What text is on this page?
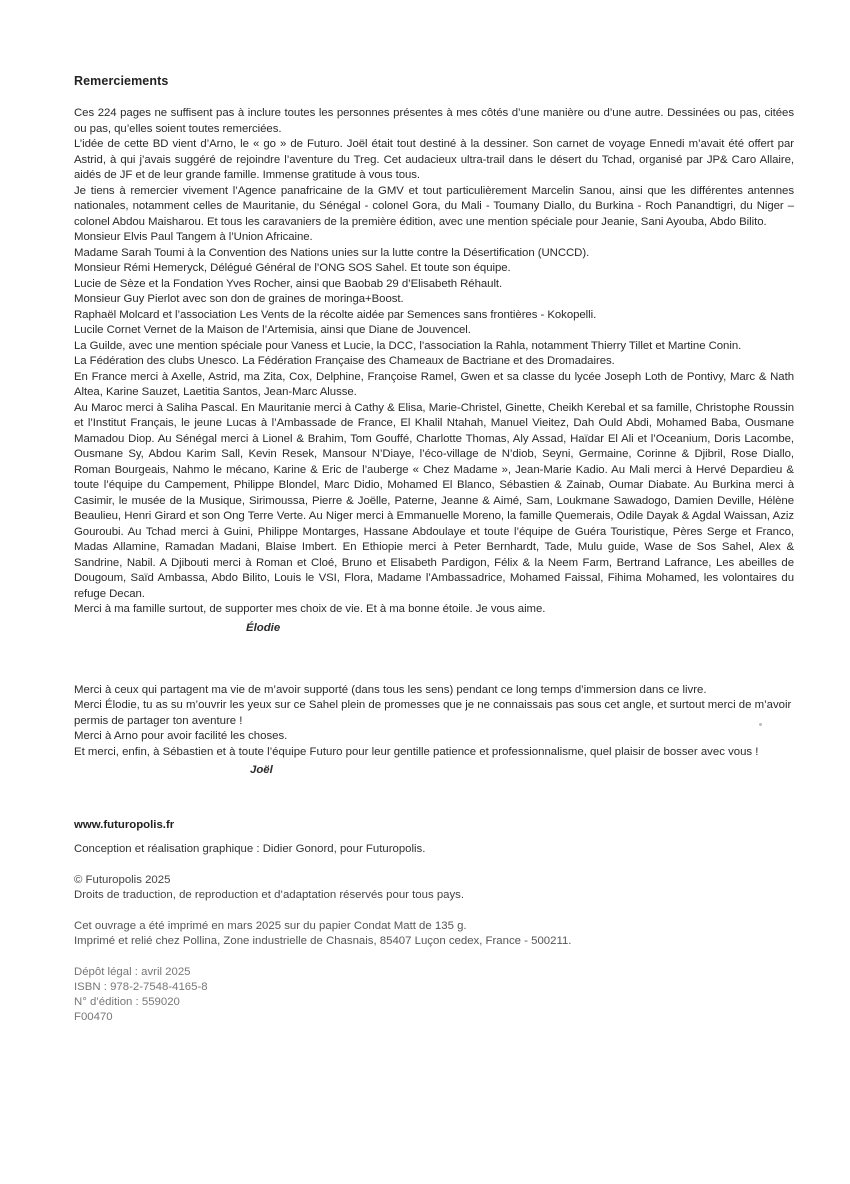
Remerciements

Ces 224 pages ne suffisent pas à inclure toutes les personnes présentes à mes côtés d’une manière ou d’une autre. Dessinées ou pas, citées ou pas, qu’elles soient toutes remerciées.

L’idée de cette BD vient d’Arno, le « go » de Futuro. Joël était tout destiné à la dessiner. Son carnet de voyage Ennedi m’avait été offert par Astrid, à qui j’avais suggéré de rejoindre l’aventure du Treg. Cet audacieux ultra-trail dans le désert du Tchad, organisé par JP& Caro Allaire, aidés de JF et de leur grande famille. Immense gratitude à vous tous.

Je tiens à remercier vivement l’Agence panafricaine de la GMV et tout particulièrement Marcelin Sanou, ainsi que les différentes antennes nationales, notamment celles de Mauritanie, du Sénégal - colonel Gora, du Mali - Toumany Diallo, du Burkina - Roch Panandtigri, du Niger – colonel Abdou Maisharou. Et tous les caravaniers de la première édition, avec une mention spéciale pour Jeanie, Sani Ayouba, Abdo Bilito.

Monsieur Elvis Paul Tangem à l’Union Africaine.

Madame Sarah Toumi à la Convention des Nations unies sur la lutte contre la Désertification (UNCCD).

Monsieur Rémi Hemeryck, Délégué Général de l’ONG SOS Sahel. Et toute son équipe.

Lucie de Sèze et la Fondation Yves Rocher, ainsi que Baobab 29 d’Elisabeth Réhault.

Monsieur Guy Pierlot avec son don de graines de moringa+Boost.

Raphaël Molcard et l’association Les Vents de la récolte aidée par Semences sans frontières - Kokopelli.

Lucile Cornet Vernet de la Maison de l’Artemisia, ainsi que Diane de Jouvencel.

La Guilde, avec une mention spéciale pour Vaness et Lucie, la DCC, l’association la Rahla, notamment Thierry Tillet et Martine Conin.

La Fédération des clubs Unesco. La Fédération Française des Chameaux de Bactriane et des Dromadaires.

En France merci à Axelle, Astrid, ma Zita, Cox, Delphine, Françoise Ramel, Gwen et sa classe du lycée Joseph Loth de Pontivy, Marc & Nath Altea, Karine Sauzet, Laetitia Santos, Jean-Marc Alusse.

Au Maroc merci à Saliha Pascal. En Mauritanie merci à Cathy & Elisa, Marie-Christel, Ginette, Cheikh Kerebal et sa famille, Christophe Roussin et l’Institut Français, le jeune Lucas à l’Ambassade de France, El Khalil Ntahah, Manuel Vieitez, Dah Ould Abdi, Mohamed Baba, Ousmane Mamadou Diop. Au Sénégal merci à Lionel & Brahim, Tom Gouffé, Charlotte Thomas, Aly Assad, Haïdar El Ali et l’Oceanium, Doris Lacombe, Ousmane Sy, Abdou Karim Sall, Kevin Resek, Mansour N’Diaye, l’éco-village de N’diob, Seyni, Germaine, Corinne & Djibril, Rose Diallo, Roman Bourgeais, Nahmo le mécano, Karine & Eric de l’auberge « Chez Madame », Jean-Marie Kadio. Au Mali merci à Hervé Depardieu & toute l’équipe du Campement, Philippe Blondel, Marc Didio, Mohamed El Blanco, Sébastien & Zainab, Oumar Diabate. Au Burkina merci à Casimir, le musée de la Musique, Sirimoussa, Pierre & Joëlle, Paterne, Jeanne & Aimé, Sam, Loukmane Sawadogo, Damien Deville, Hélène Beaulieu, Henri Girard et son Ong Terre Verte. Au Niger merci à Emmanuelle Moreno, la famille Quemerais, Odile Dayak & Agdal Waissan, Aziz Gouroubi. Au Tchad merci à Guini, Philippe Montarges, Hassane Abdoulaye et toute l’équipe de Guéra Touristique, Pères Serge et Franco, Madas Allamine, Ramadan Madani, Blaise Imbert. En Ethiopie merci à Peter Bernhardt, Tade, Mulu guide, Wase de Sos Sahel, Alex & Sandrine, Nabil. A Djibouti merci à Roman et Cloé, Bruno et Elisabeth Pardigon, Félix & la Neem Farm, Bertrand Lafrance, Les abeilles de Dougoum, Saïd Ambassa, Abdo Bilito, Louis le VSI, Flora, Madame l’Ambassadrice, Mohamed Faissal, Fihima Mohamed, les volontaires du refuge Decan.

Merci à ma famille surtout, de supporter mes choix de vie. Et à ma bonne étoile. Je vous aime.

Élodie

Merci à ceux qui partagent ma vie de m’avoir supporté (dans tous les sens) pendant ce long temps d’immersion dans ce livre.

Merci Élodie, tu as su m’ouvrir les yeux sur ce Sahel plein de promesses que je ne connaissais pas sous cet angle, et surtout merci de m’avoir permis de partager ton aventure !

Merci à Arno pour avoir facilité les choses.

Et merci, enfin, à Sébastien et à toute l’équipe Futuro pour leur gentille patience et professionnalisme, quel plaisir de bosser avec vous !

Joël
www.futuropolis.fr
Conception et réalisation graphique : Didier Gonord, pour Futuropolis.
© Futuropolis 2025
Droits de traduction, de reproduction et d’adaptation réservés pour tous pays.
Cet ouvrage a été imprimé en mars 2025 sur du papier Condat Matt de 135 g.
Imprimé et relié chez Pollina, Zone industrielle de Chasnais, 85407 Luçon cedex, France - 500211.
Dépôt légal : avril 2025
ISBN : 978-2-7548-4165-8
N° d’édition : 559020
F00470
